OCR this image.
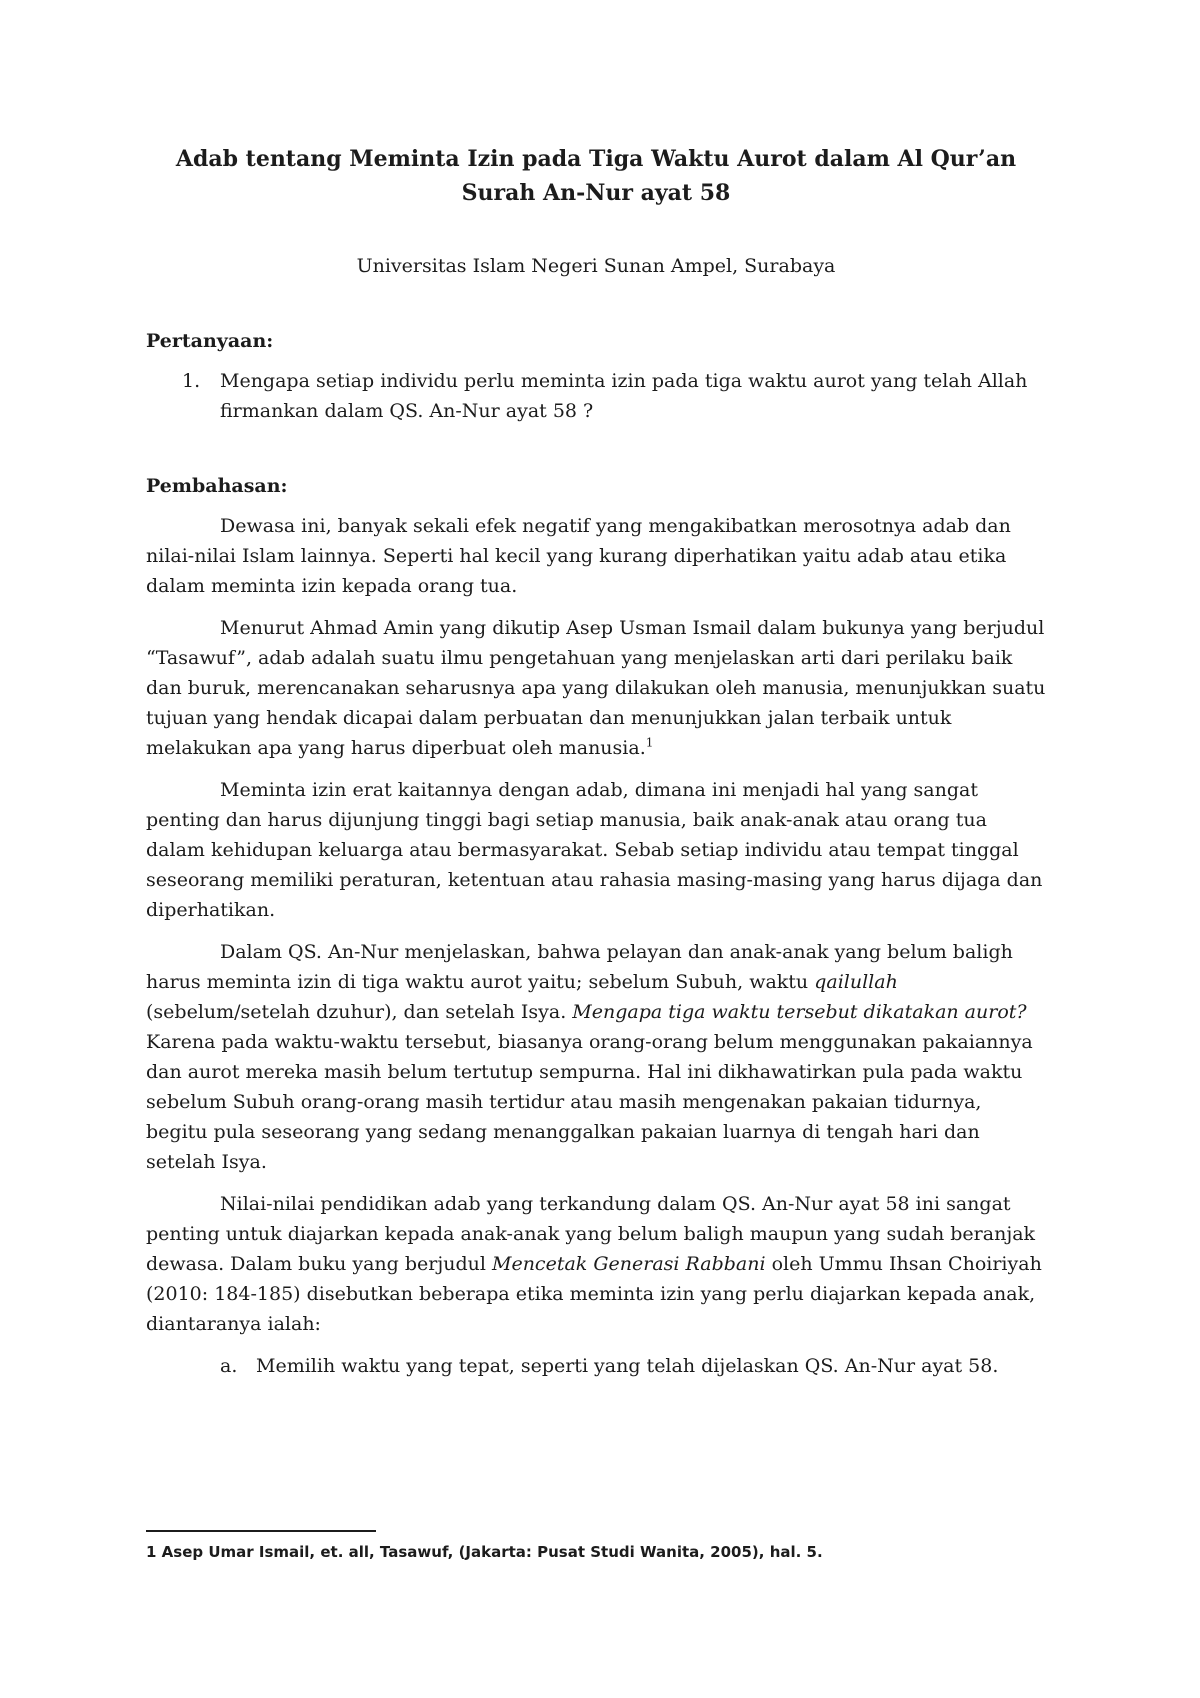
Adab tentang Meminta Izin pada Tiga Waktu Aurot dalam Al Qur’an
Surah An-Nur ayat 58
Universitas Islam Negeri Sunan Ampel, Surabaya
Pertanyaan:
1.	Mengapa setiap individu perlu meminta izin pada tiga waktu aurot yang telah Allah
firmankan dalam QS. An-Nur ayat 58 ?
Pembahasan:

Dewasa ini, banyak sekali efek negatif yang mengakibatkan merosotnya adab dan nilai-nilai Islam lainnya. Seperti hal kecil yang kurang diperhatikan yaitu adab atau etika dalam meminta izin kepada orang tua.

Menurut Ahmad Amin yang dikutip Asep Usman Ismail dalam bukunya yang berjudul “Tasawuf”, adab adalah suatu ilmu pengetahuan yang menjelaskan arti dari perilaku baik dan buruk, merencanakan seharusnya apa yang dilakukan oleh manusia, menunjukkan suatu tujuan yang hendak dicapai dalam perbuatan dan menunjukkan jalan terbaik untuk melakukan apa yang harus diperbuat oleh manusia.$^1$

Meminta izin erat kaitannya dengan adab, dimana ini menjadi hal yang sangat penting dan harus dijunjung tinggi bagi setiap manusia, baik anak-anak atau orang tua dalam kehidupan keluarga atau bermasyarakat. Sebab setiap individu atau tempat tinggal seseorang memiliki peraturan, ketentuan atau rahasia masing-masing yang harus dijaga dan diperhatikan.

Dalam QS. An-Nur menjelaskan, bahwa pelayan dan anak-anak yang belum baligh harus meminta izin di tiga waktu aurot yaitu; sebelum Subuh, waktu qailullah (sebelum/setelah dzuhur), dan setelah Isya. Mengapa tiga waktu tersebut dikatakan aurot? Karena pada waktu-waktu tersebut, biasanya orang-orang belum menggunakan pakaiannya dan aurot mereka masih belum tertutup sempurna. Hal ini dikhawatirkan pula pada waktu sebelum Subuh orang-orang masih tertidur atau masih mengenakan pakaian tidurnya, begitu pula seseorang yang sedang menanggalkan pakaian luarnya di tengah hari dan setelah Isya.

Nilai-nilai pendidikan adab yang terkandung dalam QS. An-Nur ayat 58 ini sangat penting untuk diajarkan kepada anak-anak yang belum baligh maupun yang sudah beranjak dewasa. Dalam buku yang berjudul Mencetak Generasi Rabbani oleh Ummu Ihsan Choiriyah (2010: 184-185) disebutkan beberapa etika meminta izin yang perlu diajarkan kepada anak, diantaranya ialah:

a. Memilih waktu yang tepat, seperti yang telah dijelaskan QS. An-Nur ayat 58.
1 Asep Umar Ismail, et. all, Tasawuf, (Jakarta: Pusat Studi Wanita, 2005), hal. 5.
